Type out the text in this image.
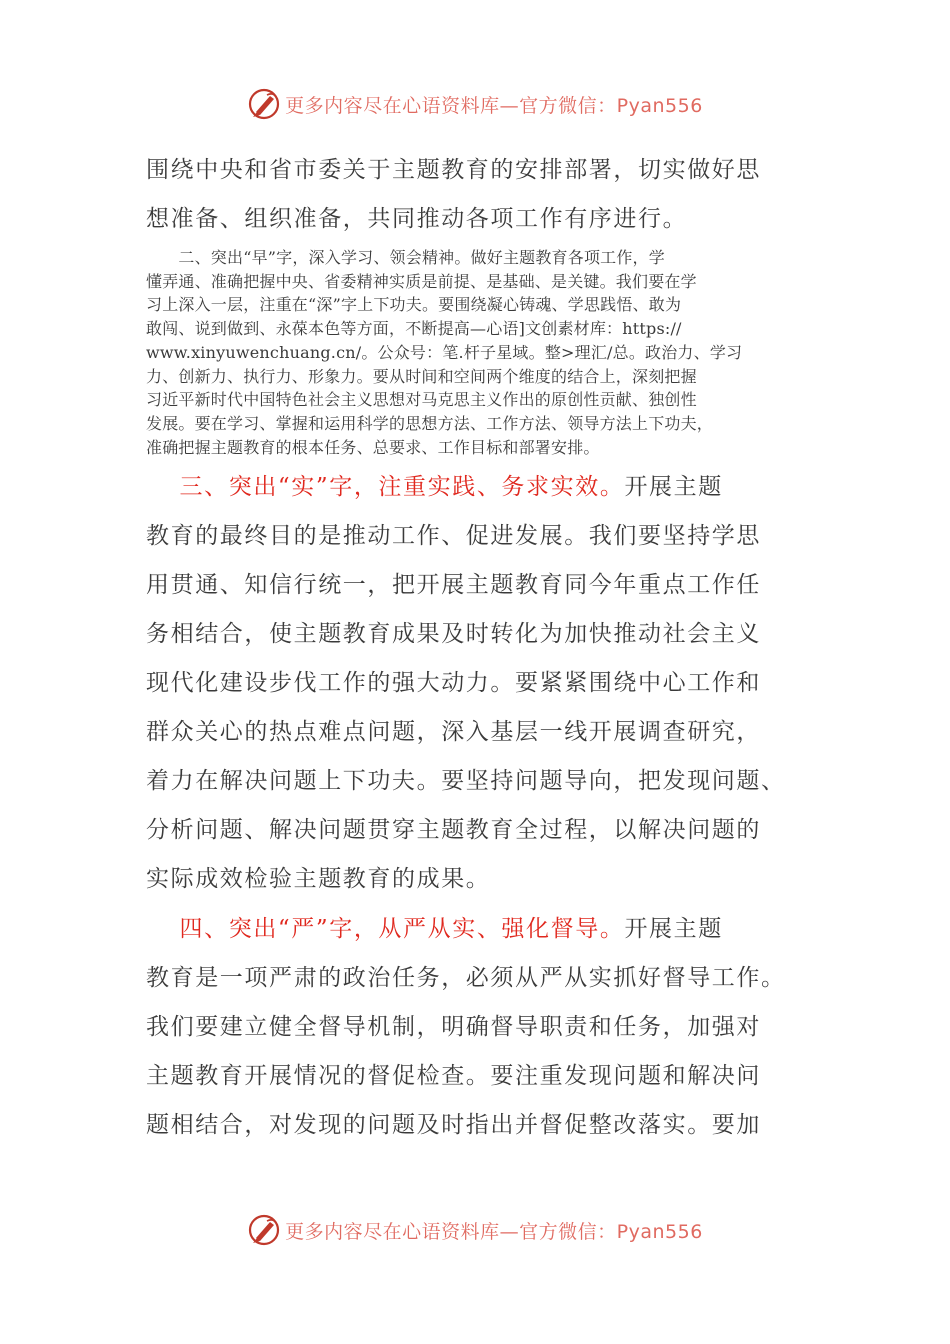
更多内容尽在心语资料库—官方微信：Pyan556

围绕中央和省市委关于主题教育的安排部署，切实做好思

想准备、组织准备，共同推动各项工作有序进行。

　　二、突出“早”字，深入学习、领会精神。做好主题教育各项工作，学

懂弄通、准确把握中央、省委精神实质是前提、是基础、是关键。我们要在学

习上深入一层，注重在“深”字上下功夫。要围绕凝心铸魂、学思践悟、敢为

敢闯、说到做到、永葆本色等方面，不断提高—心语]文创素材库：https://

www.xinyuwenchuang.cn/。公众号：笔.杆子星域。整>理汇/总。政治力、学习

力、创新力、执行力、形象力。要从时间和空间两个维度的结合上，深刻把握

习近平新时代中国特色社会主义思想对马克思主义作出的原创性贡献、独创性

发展。要在学习、掌握和运用科学的思想方法、工作方法、领导方法上下功夫，

准确把握主题教育的根本任务、总要求、工作目标和部署安排。

　 三、突出“实”字，注重实践、务求实效。开展主题

教育的最终目的是推动工作、促进发展。我们要坚持学思

用贯通、知信行统一，把开展主题教育同今年重点工作任

务相结合，使主题教育成果及时转化为加快推动社会主义

现代化建设步伐工作的强大动力。要紧紧围绕中心工作和

群众关心的热点难点问题，深入基层一线开展调查研究，

着力在解决问题上下功夫。要坚持问题导向，把发现问题、

分析问题、解决问题贯穿主题教育全过程，以解决问题的

实际成效检验主题教育的成果。

　 四、突出“严”字，从严从实、强化督导。开展主题

教育是一项严肃的政治任务，必须从严从实抓好督导工作。

我们要建立健全督导机制，明确督导职责和任务，加强对

主题教育开展情况的督促检查。要注重发现问题和解决问

题相结合，对发现的问题及时指出并督促整改落实。要加

更多内容尽在心语资料库—官方微信：Pyan556
